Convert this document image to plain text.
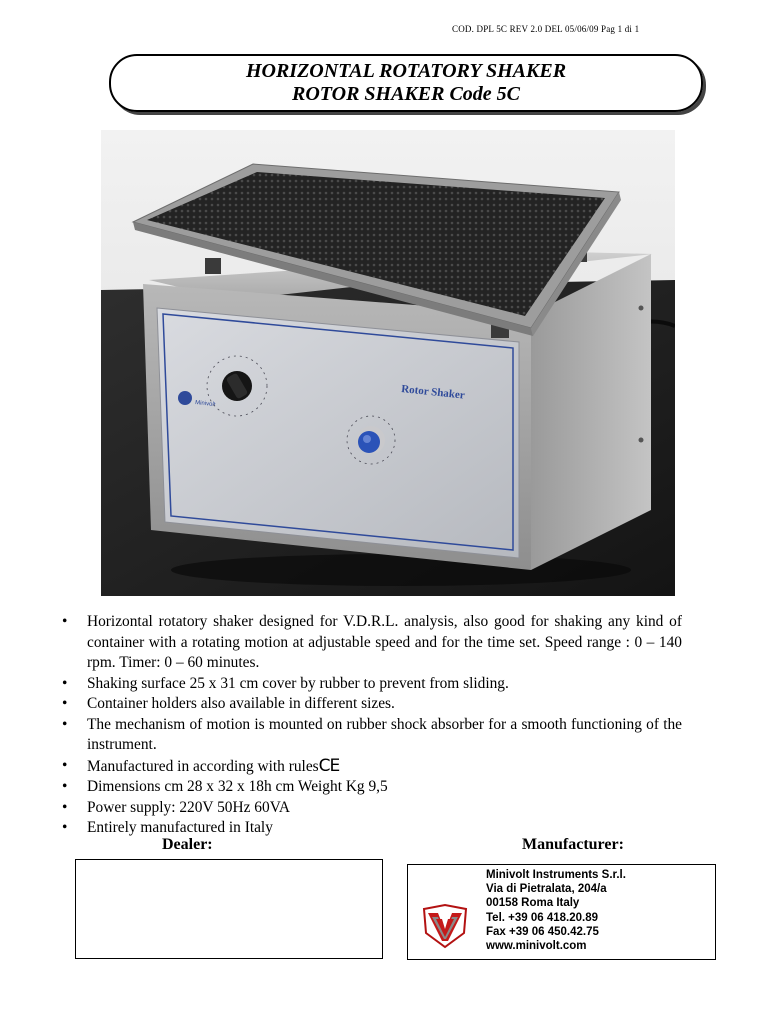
COD. DPL 5C REV 2.0 DEL 05/06/09 Pag 1 di 1
HORIZONTAL ROTATORY SHAKER
ROTOR SHAKER Code 5C
Rotor Shaker
Minivolt
• Horizontal rotatory shaker designed for V.D.R.L. analysis, also good for shaking any kind of container with a rotating motion at adjustable speed and for the time set. Speed range : 0 – 140 rpm. Timer: 0 – 60 minutes.
• Shaking surface 25 x 31 cm cover by rubber to prevent from sliding.
• Container holders also available in different sizes.
• The mechanism of motion is mounted on rubber shock absorber for a smooth functioning of the instrument.
• Manufactured in according with rulesCE
• Dimensions cm 28 x 32 x 18h cm Weight Kg 9,5
• Power supply: 220V 50Hz 60VA
• Entirely manufactured in Italy
Dealer:	Manufacturer:
Minivolt Instruments S.r.l.
Via di Pietralata, 204/a
00158 Roma Italy
Tel. +39 06 418.20.89
Fax +39 06 450.42.75
www.minivolt.com
